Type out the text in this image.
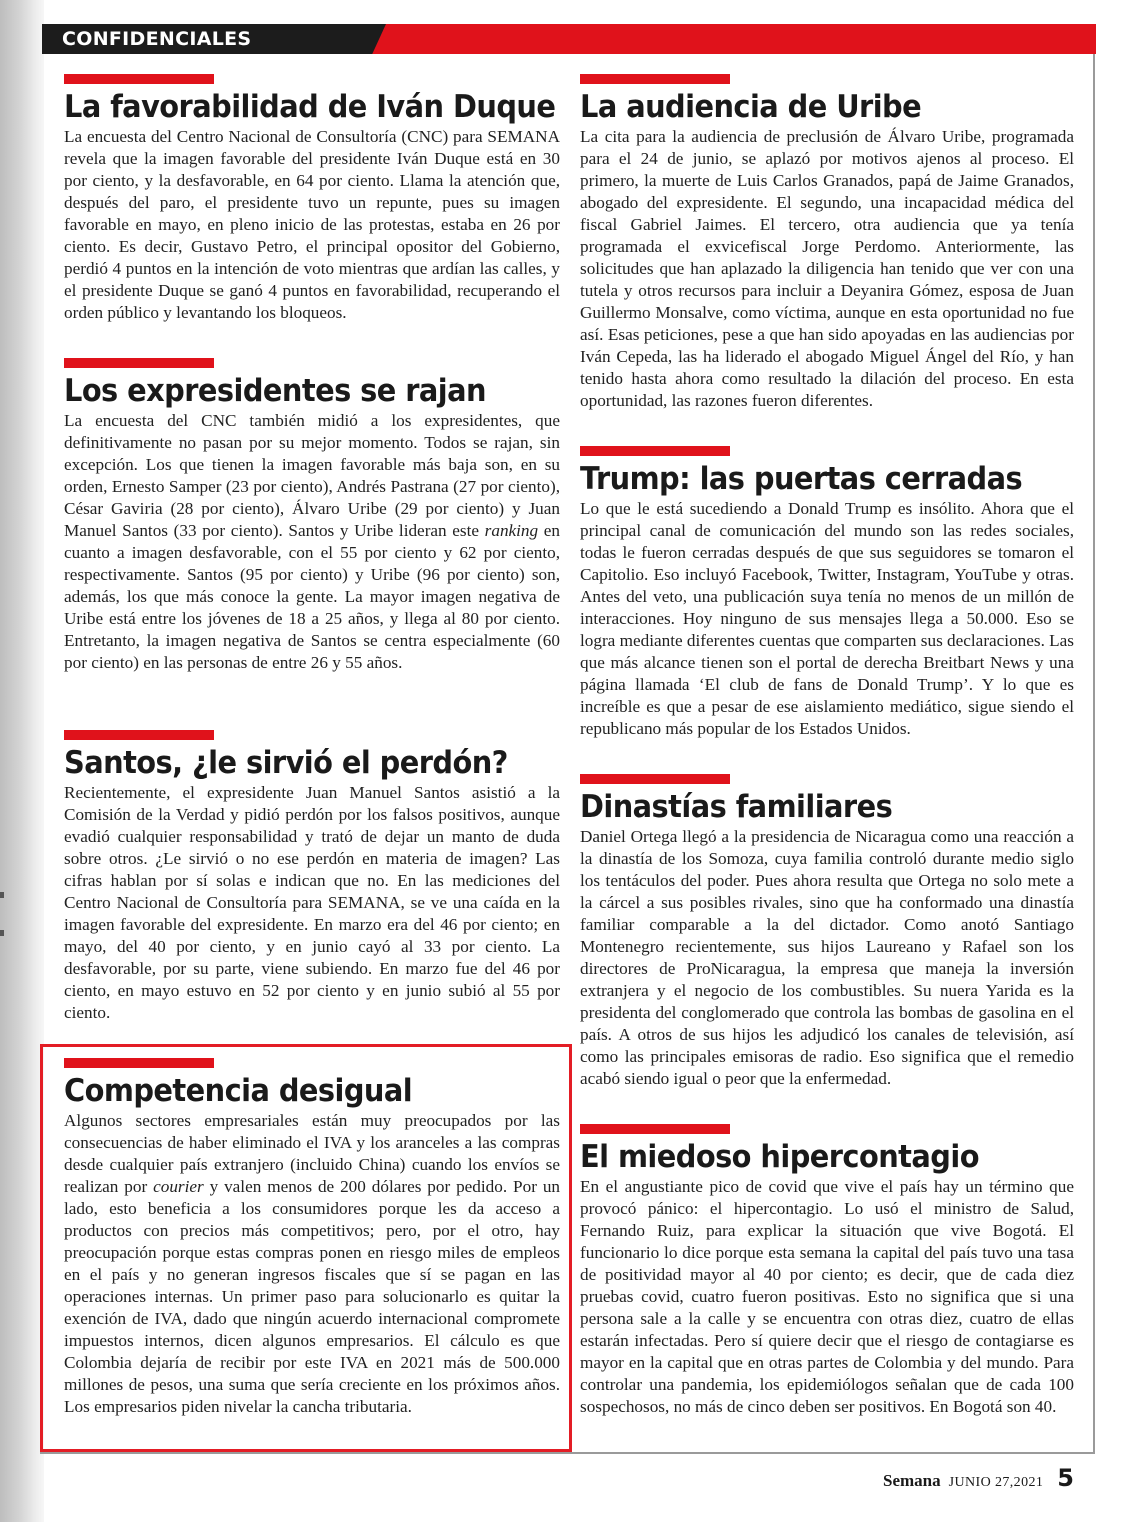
CONFIDENCIALES
La favorabilidad de Iván Duque

La encuesta del Centro Nacional de Consultoría (CNC) para SEMANA revela que la imagen favorable del presidente Iván Duque está en 30 por ciento, y la desfavorable, en 64 por ciento. Llama la atención que, después del paro, el presidente tuvo un repunte, pues su imagen favorable en mayo, en pleno inicio de las protestas, estaba en 26 por ciento. Es decir, Gustavo Petro, el principal opositor del Gobierno, perdió 4 puntos en la intención de voto mientras que ardían las calles, y el presidente Duque se ganó 4 puntos en favorabilidad, recuperando el orden público y levantando los bloqueos.

Los expresidentes se rajan

La encuesta del CNC también midió a los expresidentes, que definitivamente no pasan por su mejor momento. Todos se rajan, sin excepción. Los que tienen la imagen favorable más baja son, en su orden, Ernesto Samper (23 por ciento), Andrés Pastrana (27 por ciento), César Gaviria (28 por ciento), Álvaro Uribe (29 por ciento) y Juan Manuel Santos (33 por ciento). Santos y Uribe lideran este ranking en cuanto a imagen desfavorable, con el 55 por ciento y 62 por ciento, respectivamente. Santos (95 por ciento) y Uribe (96 por ciento) son, además, los que más conoce la gente. La mayor imagen negativa de Uribe está entre los jóvenes de 18 a 25 años, y llega al 80 por ciento. Entretanto, la imagen negativa de Santos se centra especialmente (60 por ciento) en las personas de entre 26 y 55 años.

Santos, ¿le sirvió el perdón?

Recientemente, el expresidente Juan Manuel Santos asistió a la Comisión de la Verdad y pidió perdón por los falsos positivos, aunque evadió cualquier responsabilidad y trató de dejar un manto de duda sobre otros. ¿Le sirvió o no ese perdón en materia de imagen? Las cifras hablan por sí solas e indican que no. En las mediciones del Centro Nacional de Consultoría para SEMANA, se ve una caída en la imagen favorable del expresidente. En marzo era del 46 por ciento; en mayo, del 40 por ciento, y en junio cayó al 33 por ciento. La desfavorable, por su parte, viene subiendo. En marzo fue del 46 por ciento, en mayo estuvo en 52 por ciento y en junio subió al 55 por ciento.

Competencia desigual

Algunos sectores empresariales están muy preocupados por las consecuencias de haber eliminado el IVA y los aranceles a las compras desde cualquier país extranjero (incluido China) cuando los envíos se realizan por courier y valen menos de 200 dólares por pedido. Por un lado, esto beneficia a los consumidores porque les da acceso a productos con precios más competitivos; pero, por el otro, hay preocupación porque estas compras ponen en riesgo miles de empleos en el país y no generan ingresos fiscales que sí se pagan en las operaciones internas. Un primer paso para solucionarlo es quitar la exención de IVA, dado que ningún acuerdo internacional compromete impuestos internos, dicen algunos empresarios. El cálculo es que Colombia dejaría de recibir por este IVA en 2021 más de 500.000 millones de pesos, una suma que sería creciente en los próximos años. Los empresarios piden nivelar la cancha tributaria.

La audiencia de Uribe

La cita para la audiencia de preclusión de Álvaro Uribe, programada para el 24 de junio, se aplazó por motivos ajenos al proceso. El primero, la muerte de Luis Carlos Granados, papá de Jaime Granados, abogado del expresidente. El segundo, una incapacidad médica del fiscal Gabriel Jaimes. El tercero, otra audiencia que ya tenía programada el exvicefiscal Jorge Perdomo. Anteriormente, las solicitudes que han aplazado la diligencia han tenido que ver con una tutela y otros recursos para incluir a Deyanira Gómez, esposa de Juan Guillermo Monsalve, como víctima, aunque en esta oportunidad no fue así. Esas peticiones, pese a que han sido apoyadas en las audiencias por Iván Cepeda, las ha liderado el abogado Miguel Ángel del Río, y han tenido hasta ahora como resultado la dilación del proceso. En esta oportunidad, las razones fueron diferentes.

Trump: las puertas cerradas

Lo que le está sucediendo a Donald Trump es insólito. Ahora que el principal canal de comunicación del mundo son las redes sociales, todas le fueron cerradas después de que sus seguidores se tomaron el Capitolio. Eso incluyó Facebook, Twitter, Instagram, YouTube y otras. Antes del veto, una publicación suya tenía no menos de un millón de interacciones. Hoy ninguno de sus mensajes llega a 50.000. Eso se logra mediante diferentes cuentas que comparten sus declaraciones. Las que más alcance tienen son el portal de derecha Breitbart News y una página llamada ‘El club de fans de Donald Trump’. Y lo que es increíble es que a pesar de ese aislamiento mediático, sigue siendo el republicano más popular de los Estados Unidos.

Dinastías familiares

Daniel Ortega llegó a la presidencia de Nicaragua como una reacción a la dinastía de los Somoza, cuya familia controló durante medio siglo los tentáculos del poder. Pues ahora resulta que Ortega no solo mete a la cárcel a sus posibles rivales, sino que ha conformado una dinastía familiar comparable a la del dictador. Como anotó Santiago Montenegro recientemente, sus hijos Laureano y Rafael son los directores de ProNicaragua, la empresa que maneja la inversión extranjera y el negocio de los combustibles. Su nuera Yarida es la presidenta del conglomerado que controla las bombas de gasolina en el país. A otros de sus hijos les adjudicó los canales de televisión, así como las principales emisoras de radio. Eso significa que el remedio acabó siendo igual o peor que la enfermedad.

El miedoso hipercontagio

En el angustiante pico de covid que vive el país hay un término que provocó pánico: el hipercontagio. Lo usó el ministro de Salud, Fernando Ruiz, para explicar la situación que vive Bogotá. El funcionario lo dice porque esta semana la capital del país tuvo una tasa de positividad mayor al 40 por ciento; es decir, que de cada diez pruebas covid, cuatro fueron positivas. Esto no significa que si una persona sale a la calle y se encuentra con otras diez, cuatro de ellas estarán infectadas. Pero sí quiere decir que el riesgo de contagiarse es mayor en la capital que en otras partes de Colombia y del mundo. Para controlar una pandemia, los epidemiólogos señalan que de cada 100 sospechosos, no más de cinco deben ser positivos. En Bogotá son 40.

Semana JUNIO 27,2021 5
